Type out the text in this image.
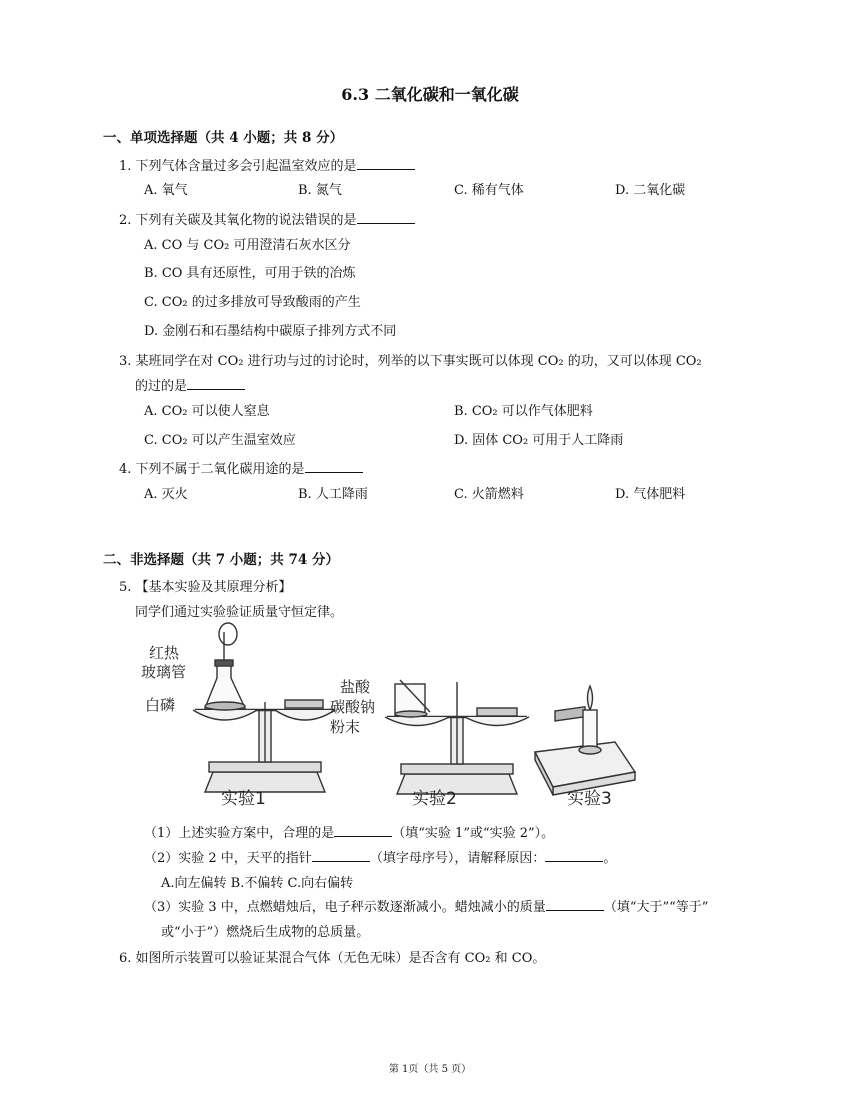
6.3 二氧化碳和一氧化碳
一、单项选择题（共 4 小题；共 8 分）
1. 下列气体含量过多会引起温室效应的是
A. 氧气	B. 氮气	C. 稀有气体	D. 二氧化碳
2. 下列有关碳及其氧化物的说法错误的是
A. CO 与 CO₂ 可用澄清石灰水区分
B. CO 具有还原性，可用于铁的冶炼
C. CO₂ 的过多排放可导致酸雨的产生
D. 金刚石和石墨结构中碳原子排列方式不同
3. 某班同学在对 CO₂ 进行功与过的讨论时，列举的以下事实既可以体现 CO₂ 的功，又可以体现 CO₂
的过的是
A. CO₂ 可以使人窒息	B. CO₂ 可以作气体肥料
C. CO₂ 可以产生温室效应	D. 固体 CO₂ 可用于人工降雨
4. 下列不属于二氧化碳用途的是
A. 灭火	B. 人工降雨	C. 火箭燃料	D. 气体肥料
二、非选择题（共 7 小题；共 74 分）
5. 【基本实验及其原理分析】
同学们通过实验验证质量守恒定律。
红热
玻璃管
白磷
盐酸
碳酸钠
粉末
实验1	实验2	实验3
（1）上述实验方案中，合理的是	（填“实验 1”或“实验 2”）。
（2）实验 2 中，天平的指针	（填字母序号），请解释原因：	。
A.向左偏转 B.不偏转 C.向右偏转
（3）实验 3 中，点燃蜡烛后，电子秤示数逐渐减小。蜡烛减小的质量	（填“大于”“等于”
或“小于”）燃烧后生成物的总质量。
6. 如图所示装置可以验证某混合气体（无色无味）是否含有 CO₂ 和 CO。
第 1页（共 5 页）
